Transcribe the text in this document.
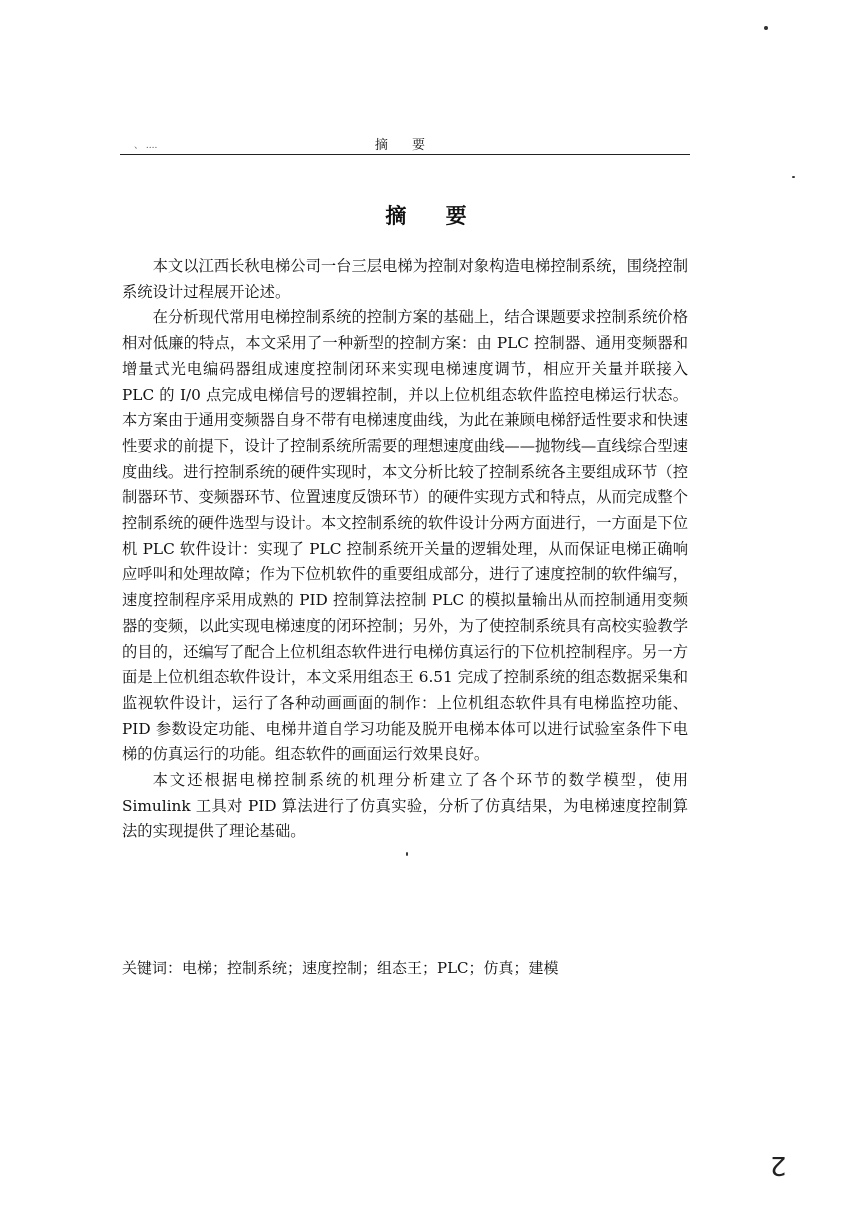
、 ....	摘 要
摘 要

本文以江西长秋电梯公司一台三层电梯为控制对象构造电梯控制系统，围绕控制系统设计过程展开论述。

在分析现代常用电梯控制系统的控制方案的基础上，结合课题要求控制系统价格相对低廉的特点，本文采用了一种新型的控制方案：由 PLC 控制器、通用变频器和增量式光电编码器组成速度控制闭环来实现电梯速度调节，相应开关量并联接入 PLC 的 I/0 点完成电梯信号的逻辑控制，并以上位机组态软件监控电梯运行状态。本方案由于通用变频器自身不带有电梯速度曲线，为此在兼顾电梯舒适性要求和快速性要求的前提下，设计了控制系统所需要的理想速度曲线——抛物线—直线综合型速度曲线。进行控制系统的硬件实现时，本文分析比较了控制系统各主要组成环节（控制器环节、变频器环节、位置速度反馈环节）的硬件实现方式和特点，从而完成整个控制系统的硬件选型与设计。本文控制系统的软件设计分两方面进行，一方面是下位机 PLC 软件设计：实现了 PLC 控制系统开关量的逻辑处理，从而保证电梯正确响应呼叫和处理故障；作为下位机软件的重要组成部分，进行了速度控制的软件编写，速度控制程序采用成熟的 PID 控制算法控制 PLC 的模拟量输出从而控制通用变频器的变频，以此实现电梯速度的闭环控制；另外，为了使控制系统具有高校实验教学的目的，还编写了配合上位机组态软件进行电梯仿真运行的下位机控制程序。另一方面是上位机组态软件设计，本文采用组态王 6.51 完成了控制系统的组态数据采集和监视软件设计，运行了各种动画画面的制作：上位机组态软件具有电梯监控功能、PID 参数设定功能、电梯井道自学习功能及脱开电梯本体可以进行试验室条件下电梯的仿真运行的功能。组态软件的画面运行效果良好。

本文还根据电梯控制系统的机理分析建立了各个环节的数学模型，使用 Simulink 工具对 PID 算法进行了仿真实验，分析了仿真结果，为电梯速度控制算法的实现提供了理论基础。

关键词：电梯；控制系统；速度控制；组态王；PLC；仿真；建模
2
